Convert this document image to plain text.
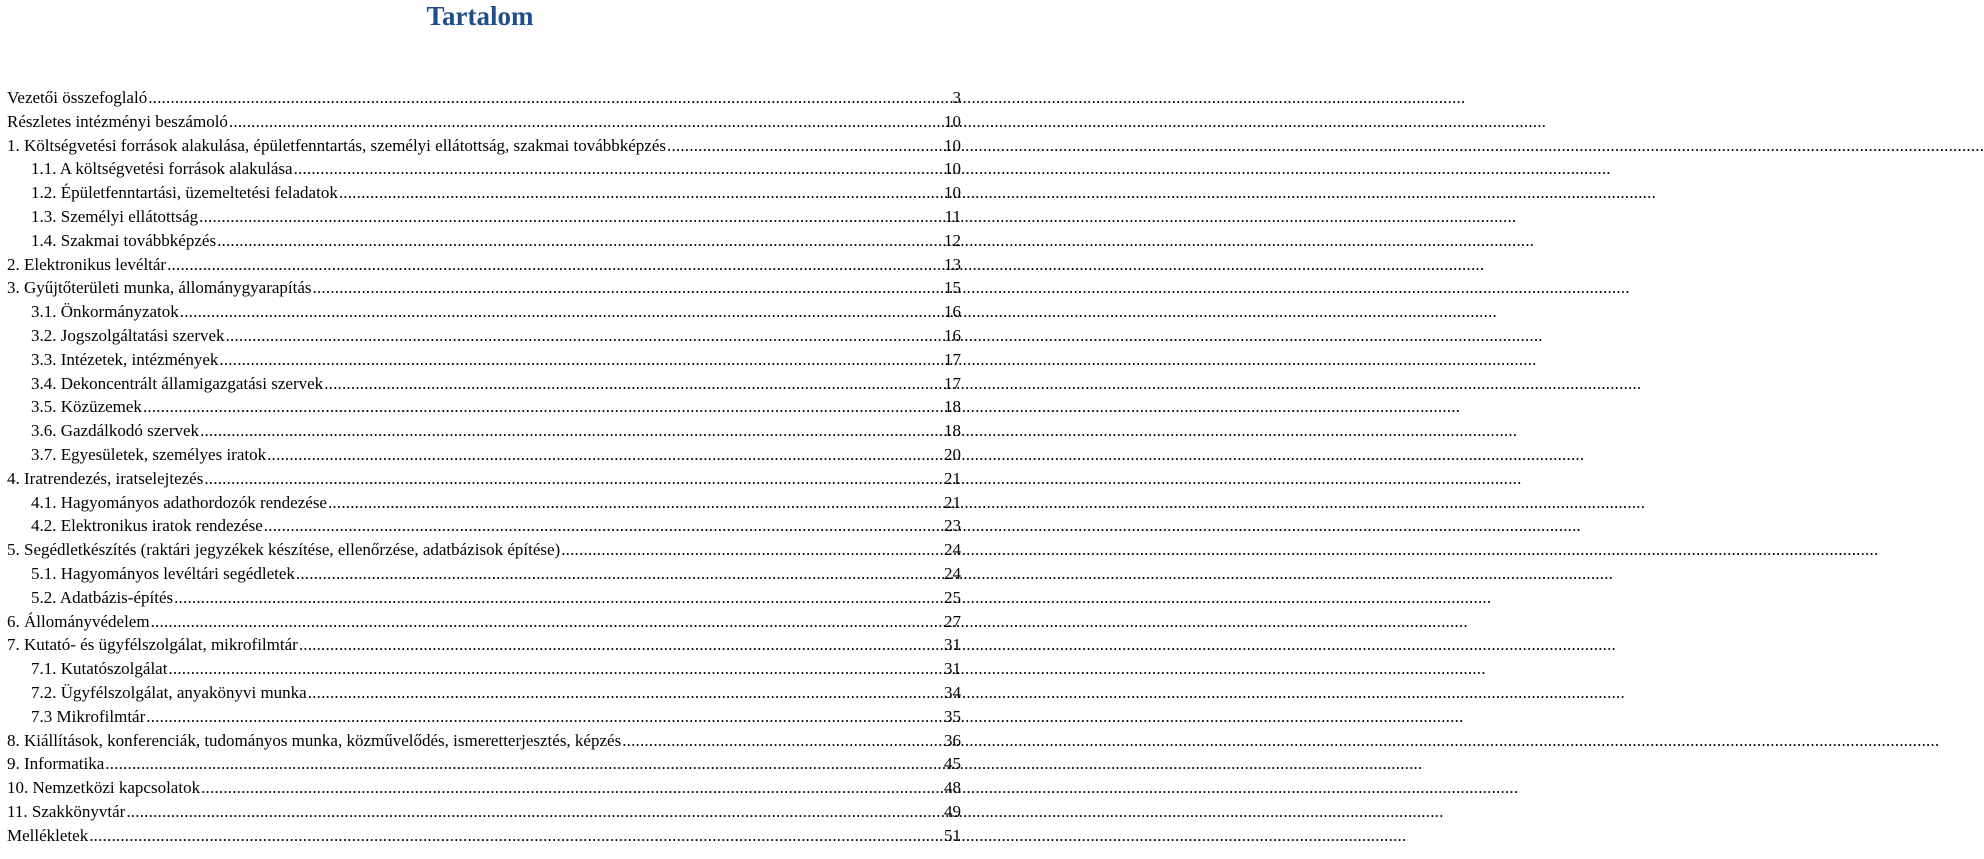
Tartalom
Vezetői összefoglaló .....	3
Részletes intézményi beszámoló .....	10
1. Költségvetési források alakulása, épületfenntartás, személyi ellátottság, szakmai továbbképzés .....	10
1.1. A költségvetési források alakulása .....	10
1.2. Épületfenntartási, üzemeltetési feladatok .....	10
1.3. Személyi ellátottság .....	11
1.4. Szakmai továbbképzés .....	12
2. Elektronikus levéltár .....	13
3. Gyűjtőterületi munka, állománygyarapítás .....	15
3.1. Önkormányzatok .....	16
3.2. Jogszolgáltatási szervek .....	16
3.3. Intézetek, intézmények .....	17
3.4. Dekoncentrált államigazgatási szervek .....	17
3.5. Közüzemek .....	18
3.6. Gazdálkodó szervek .....	18
3.7. Egyesületek, személyes iratok .....	20
4. Iratrendezés, iratselejtezés .....	21
4.1. Hagyományos adathordozók rendezése .....	21
4.2. Elektronikus iratok rendezése .....	23
5. Segédletkészítés (raktári jegyzékek készítése, ellenőrzése, adatbázisok építése) .....	24
5.1. Hagyományos levéltári segédletek .....	24
5.2. Adatbázis-építés .....	25
6. Állományvédelem .....	27
7. Kutató- és ügyfélszolgálat, mikrofilmtár .....	31
7.1. Kutatószolgálat .....	31
7.2. Ügyfélszolgálat, anyakönyvi munka .....	34
7.3 Mikrofilmtár .....	35
8. Kiállítások, konferenciák, tudományos munka, közművelődés, ismeretterjesztés, képzés .....	36
9. Informatika .....	45
10. Nemzetközi kapcsolatok .....	48
11. Szakkönyvtár .....	49
Mellékletek .....	51
